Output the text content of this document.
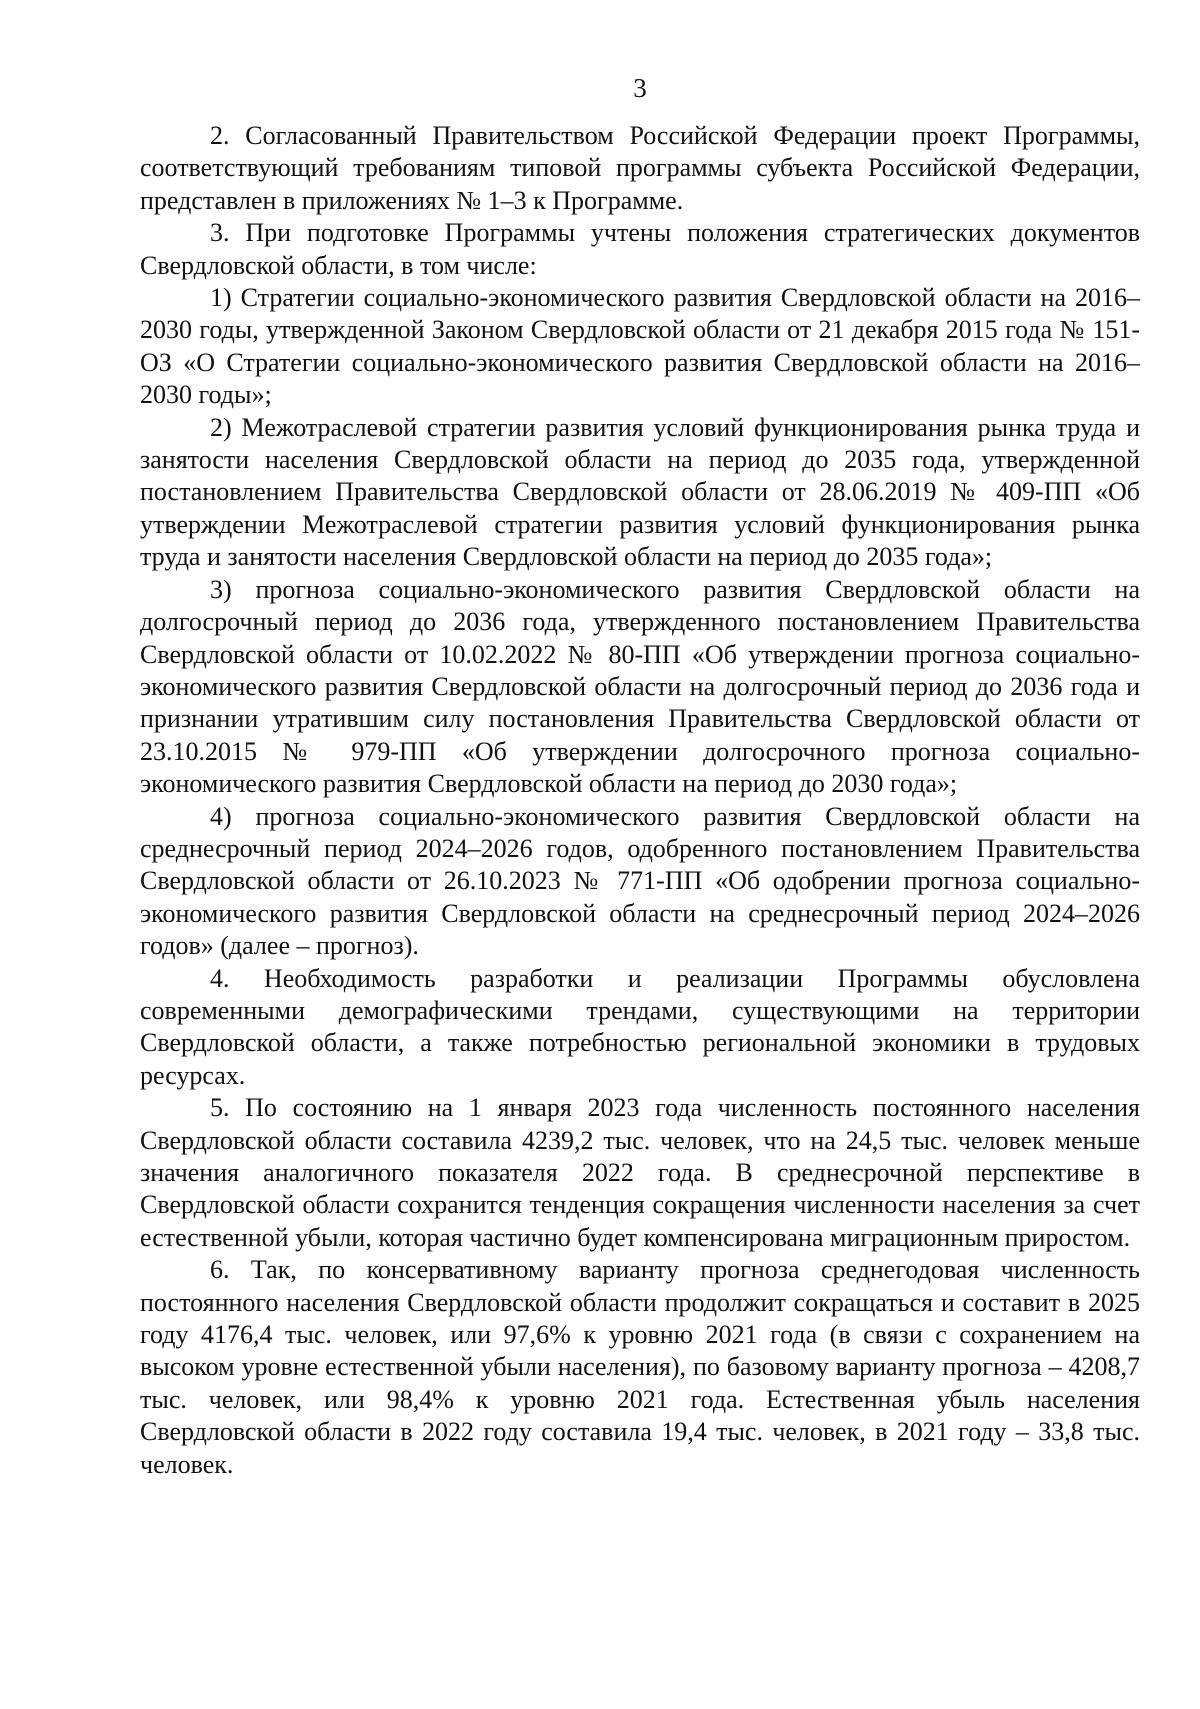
3

2. Согласованный Правительством Российской Федерации проект Программы, соответствующий требованиям типовой программы субъекта Российской Федерации, представлен в приложениях № 1–3 к Программе.

3. При подготовке Программы учтены положения стратегических документов Свердловской области, в том числе:

1) Стратегии социально-экономического развития Свердловской области на 2016–2030 годы, утвержденной Законом Свердловской области от 21 декабря 2015 года № 151-ОЗ «О Стратегии социально-экономического развития Свердловской области на 2016–2030 годы»;

2) Межотраслевой стратегии развития условий функционирования рынка труда и занятости населения Свердловской области на период до 2035 года, утвержденной постановлением Правительства Свердловской области от 28.06.2019 № 409-ПП «Об утверждении Межотраслевой стратегии развития условий функционирования рынка труда и занятости населения Свердловской области на период до 2035 года»;

3) прогноза социально-экономического развития Свердловской области на долгосрочный период до 2036 года, утвержденного постановлением Правительства Свердловской области от 10.02.2022 № 80-ПП «Об утверждении прогноза социально-экономического развития Свердловской области на долгосрочный период до 2036 года и признании утратившим силу постановления Правительства Свердловской области от 23.10.2015 № 979-ПП «Об утверждении долгосрочного прогноза социально-экономического развития Свердловской области на период до 2030 года»;

4) прогноза социально-экономического развития Свердловской области на среднесрочный период 2024–2026 годов, одобренного постановлением Правительства Свердловской области от 26.10.2023 № 771-ПП «Об одобрении прогноза социально-экономического развития Свердловской области на среднесрочный период 2024–2026 годов» (далее – прогноз).

4. Необходимость разработки и реализации Программы обусловлена современными демографическими трендами, существующими на территории Свердловской области, а также потребностью региональной экономики в трудовых ресурсах.

5. По состоянию на 1 января 2023 года численность постоянного населения Свердловской области составила 4239,2 тыс. человек, что на 24,5 тыс. человек меньше значения аналогичного показателя 2022 года. В среднесрочной перспективе в Свердловской области сохранится тенденция сокращения численности населения за счет естественной убыли, которая частично будет компенсирована миграционным приростом.

6. Так, по консервативному варианту прогноза среднегодовая численность постоянного населения Свердловской области продолжит сокращаться и составит в 2025 году 4176,4 тыс. человек, или 97,6% к уровню 2021 года (в связи с сохранением на высоком уровне естественной убыли населения), по базовому варианту прогноза – 4208,7 тыс. человек, или 98,4% к уровню 2021 года. Естественная убыль населения Свердловской области в 2022 году составила 19,4 тыс. человек, в 2021 году – 33,8 тыс. человек.
